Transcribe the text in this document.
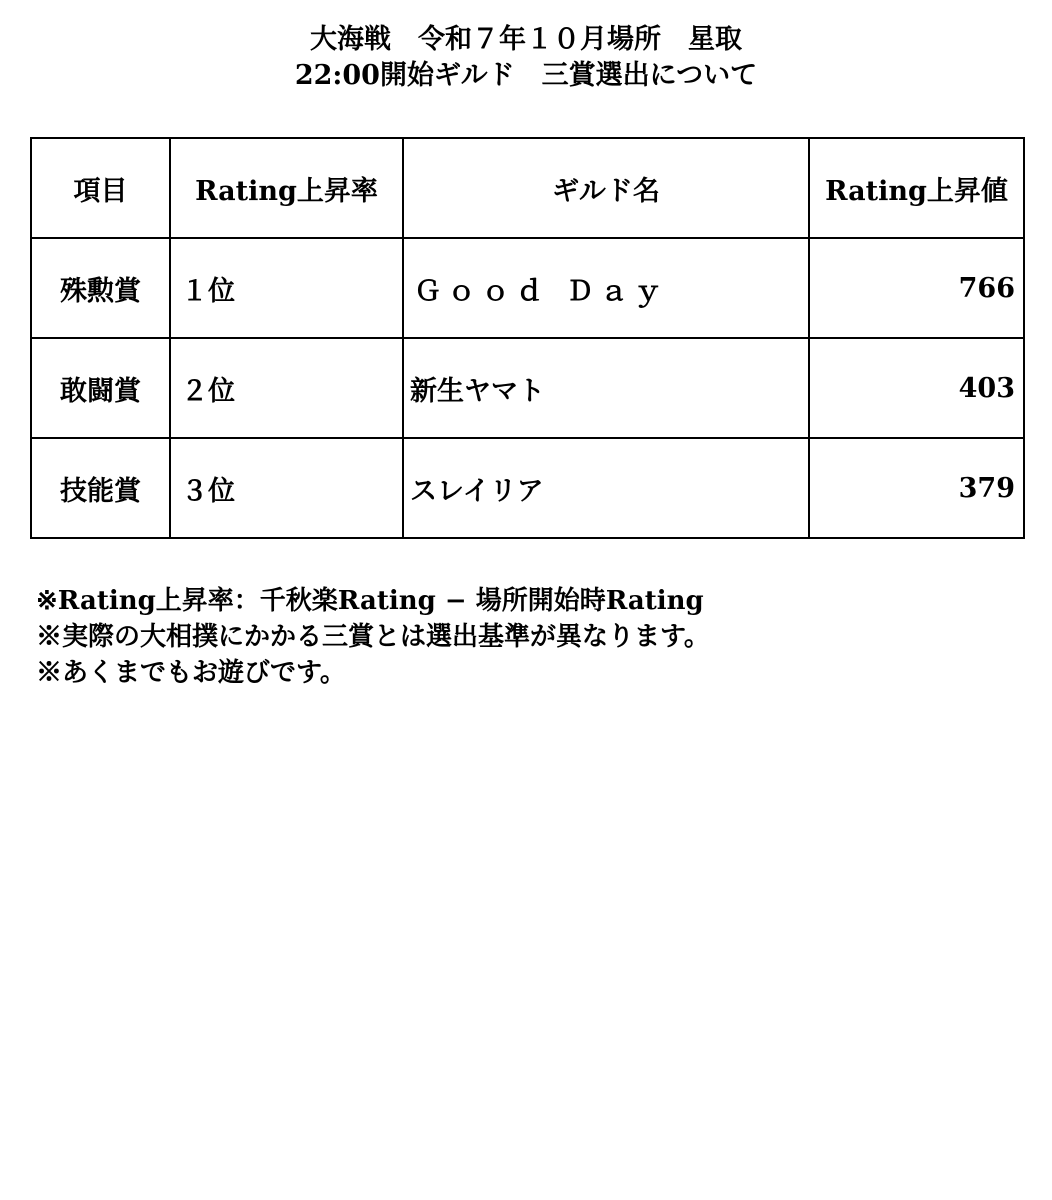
大海戦　令和７年１０月場所　星取
22:00開始ギルド　三賞選出について
項目	Rating上昇率	ギルド名	Rating上昇値
殊勲賞	１位	Ｇｏｏｄ Ｄａｙ	766
敢闘賞	２位	新生ヤマト	403
技能賞	３位	スレイリア	379
※Rating上昇率：千秋楽Rating − 場所開始時Rating
※実際の大相撲にかかる三賞とは選出基準が異なります。
※あくまでもお遊びです。
